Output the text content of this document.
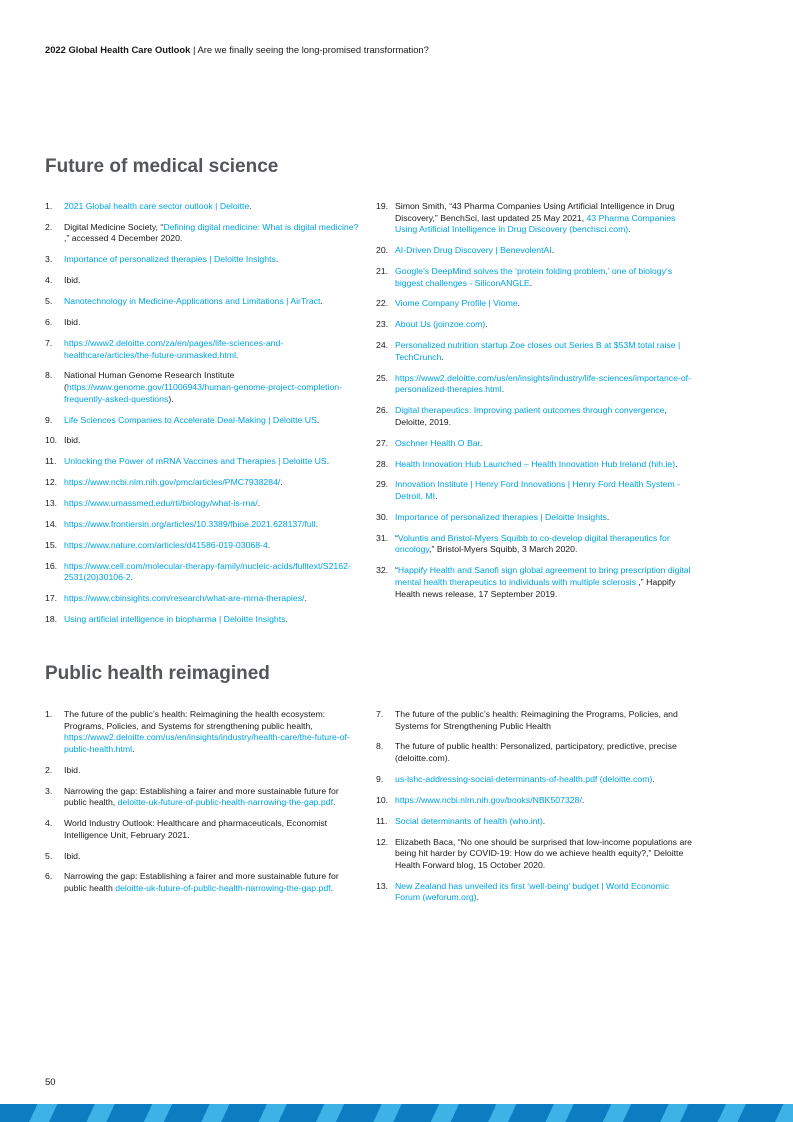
2022 Global Health Care Outlook | Are we finally seeing the long-promised transformation?
Future of medical science
1. 2021 Global health care sector outlook | Deloitte.
2. Digital Medicine Society, “Defining digital medicine: What is digital medicine? ,” accessed 4 December 2020.
3. Importance of personalized therapies | Deloitte Insights.
4. Ibid.
5. Nanotechnology in Medicine-Applications and Limitations | AirTract.
6. Ibid.
7. https://www2.deloitte.com/za/en/pages/life-sciences-and-healthcare/articles/the-future-unmasked.html.
8. National Human Genome Research Institute (https://www.genome.gov/11006943/human-genome-project-completion-frequently-asked-questions).
9. Life Sciences Companies to Accelerate Deal-Making | Deloitte US.
10. Ibid.
11. Unlocking the Power of mRNA Vaccines and Therapies | Deloitte US.
12. https://www.ncbi.nlm.nih.gov/pmc/articles/PMC7938284/.
13. https://www.umassmed.edu/rti/biology/what-is-rna/.
14. https://www.frontiersin.org/articles/10.3389/fbioe.2021.628137/full.
15. https://www.nature.com/articles/d41586-019-03068-4.
16. https://www.cell.com/molecular-therapy-family/nucleic-acids/fulltext/S2162-2531(20)30106-2.
17. https://www.cbinsights.com/research/what-are-mrna-therapies/.
18. Using artificial intelligence in biopharma | Deloitte Insights.
19. Simon Smith, “43 Pharma Companies Using Artificial Intelligence in Drug Discovery,” BenchSci, last updated 25 May 2021, 43 Pharma Companies Using Artificial Intelligence in Drug Discovery (benchsci.com).
20. AI-Driven Drug Discovery | BenevolentAI.
21. Google’s DeepMind solves the ‘protein folding problem,’ one of biology’s biggest challenges - SiliconANGLE.
22. Viome Company Profile | Viome.
23. About Us (joinzoe.com).
24. Personalized nutrition startup Zoe closes out Series B at $53M total raise | TechCrunch.
25. https://www2.deloitte.com/us/en/insights/industry/life-sciences/importance-of-personalized-therapies.html.
26. Digital therapeutics: Improving patient outcomes through convergence, Deloitte, 2019.
27. Oschner Health O Bar.
28. Health Innovation Hub Launched – Health Innovation Hub Ireland (hih.ie).
29. Innovation Institute | Henry Ford Innovations | Henry Ford Health System - Detroit, MI.
30. Importance of personalized therapies | Deloitte Insights.
31. “Voluntis and Bristol-Myers Squibb to co-develop digital therapeutics for oncology,” Bristol-Myers Squibb, 3 March 2020.
32. “Happify Health and Sanofi sign global agreement to bring prescription digital mental health therapeutics to individuals with multiple sclerosis ,” Happify Health news release, 17 September 2019.
Public health reimagined
1. The future of the public’s health: Reimagining the health ecosystem: Programs, Policies, and Systems for strengthening public health, https://www2.deloitte.com/us/en/insights/industry/health-care/the-future-of-public-health.html.
2. Ibid.
3. Narrowing the gap: Establishing a fairer and more sustainable future for public health, deloitte-uk-future-of-public-health-narrowing-the-gap.pdf.
4. World Industry Outlook: Healthcare and pharmaceuticals, Economist Intelligence Unit, February 2021.
5. Ibid.
6. Narrowing the gap: Establishing a fairer and more sustainable future for public health deloitte-uk-future-of-public-health-narrowing-the-gap.pdf.
7. The future of the public’s health: Reimagining the Programs, Policies, and Systems for Strengthening Public Health
8. The future of public health: Personalized, participatory, predictive, precise (deloitte.com).
9. us-lshc-addressing-social-determinants-of-health.pdf (deloitte.com).
10. https://www.ncbi.nlm.nih.gov/books/NBK507328/.
11. Social determinants of health (who.int).
12. Elizabeth Baca, “No one should be surprised that low-income populations are being hit harder by COVID-19: How do we achieve health equity?,” Deloitte Health Forward blog, 15 October 2020.
13. New Zealand has unveiled its first ‘well-being’ budget | World Economic Forum (weforum.org).
50
